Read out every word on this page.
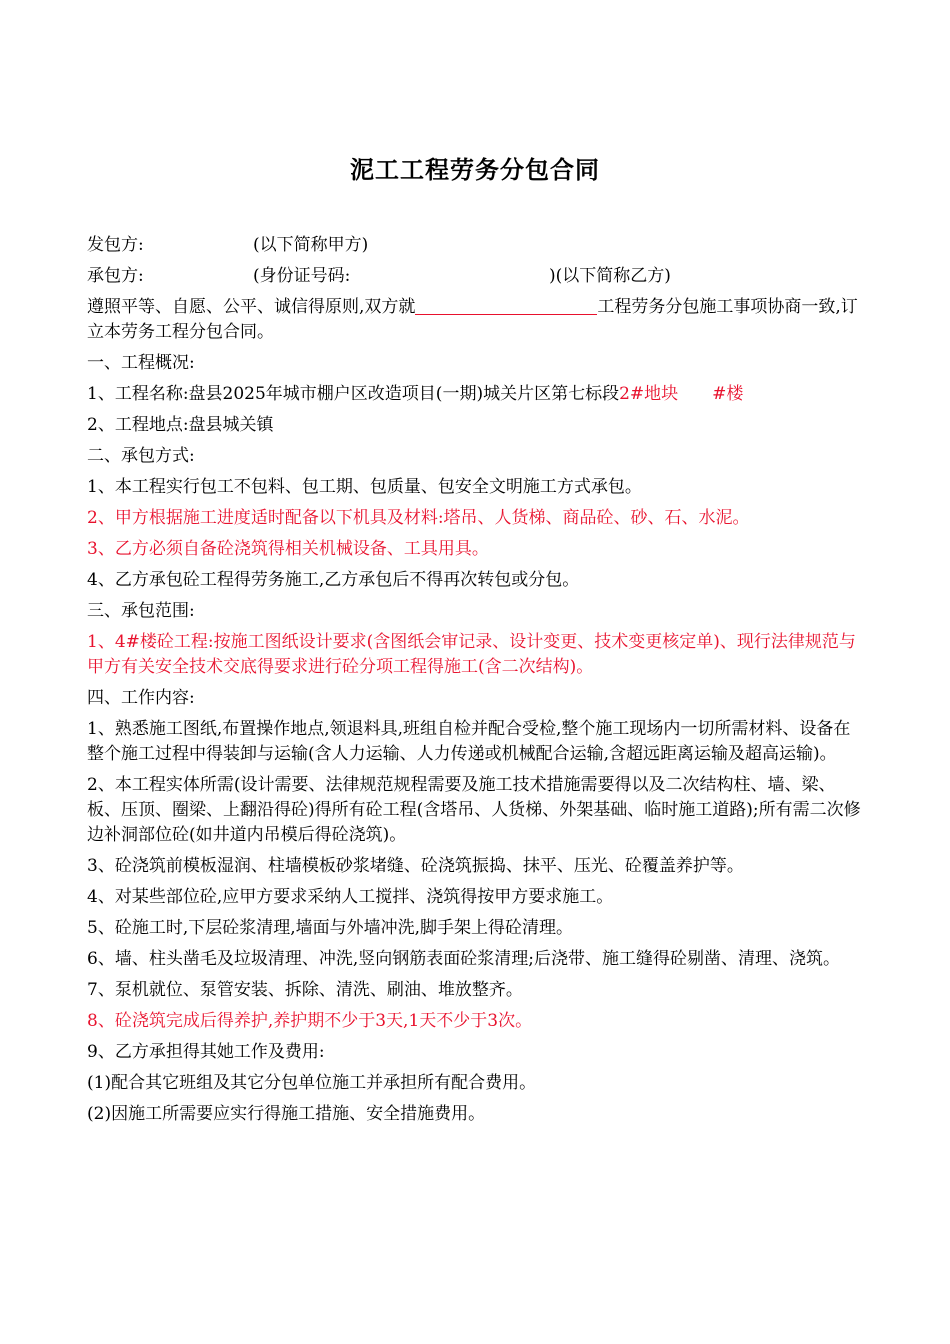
泥工工程劳务分包合同

发包方:	(以下简称甲方)

承包方:	(身份证号码:	)(以下简称乙方)

遵照平等、自愿、公平、诚信得原则,双方就	工程劳务分包施工事项协商一致,订立本劳务工程分包合同。

一、工程概况:

1、工程名称:盘县2025年城市棚户区改造项目(一期)城关片区第七标段2#地块 #楼

2、工程地点:盘县城关镇

二、承包方式:

1、本工程实行包工不包料、包工期、包质量、包安全文明施工方式承包。

2、甲方根据施工进度适时配备以下机具及材料:塔吊、人货梯、商品砼、砂、石、水泥。

3、乙方必须自备砼浇筑得相关机械设备、工具用具。

4、乙方承包砼工程得劳务施工,乙方承包后不得再次转包或分包。

三、承包范围:

1、4#楼砼工程:按施工图纸设计要求(含图纸会审记录、设计变更、技术变更核定单)、现行法律规范与甲方有关安全技术交底得要求进行砼分项工程得施工(含二次结构)。

四、工作内容:

1、熟悉施工图纸,布置操作地点,领退料具,班组自检并配合受检,整个施工现场内一切所需材料、设备在整个施工过程中得装卸与运输(含人力运输、人力传递或机械配合运输,含超远距离运输及超高运输)。

2、本工程实体所需(设计需要、法律规范规程需要及施工技术措施需要得以及二次结构柱、墙、梁、板、压顶、圈梁、上翻沿得砼)得所有砼工程(含塔吊、人货梯、外架基础、临时施工道路);所有需二次修边补洞部位砼(如井道内吊模后得砼浇筑)。

3、砼浇筑前模板湿润、柱墙模板砂浆堵缝、砼浇筑振捣、抹平、压光、砼覆盖养护等。

4、对某些部位砼,应甲方要求采纳人工搅拌、浇筑得按甲方要求施工。

5、砼施工时,下层砼浆清理,墙面与外墙冲洗,脚手架上得砼清理。

6、墙、柱头凿毛及垃圾清理、冲洗,竖向钢筋表面砼浆清理;后浇带、施工缝得砼剔凿、清理、浇筑。

7、泵机就位、泵管安装、拆除、清洗、刷油、堆放整齐。

8、砼浇筑完成后得养护,养护期不少于3天,1天不少于3次。

9、乙方承担得其她工作及费用:

(1)配合其它班组及其它分包单位施工并承担所有配合费用。

(2)因施工所需要应实行得施工措施、安全措施费用。
